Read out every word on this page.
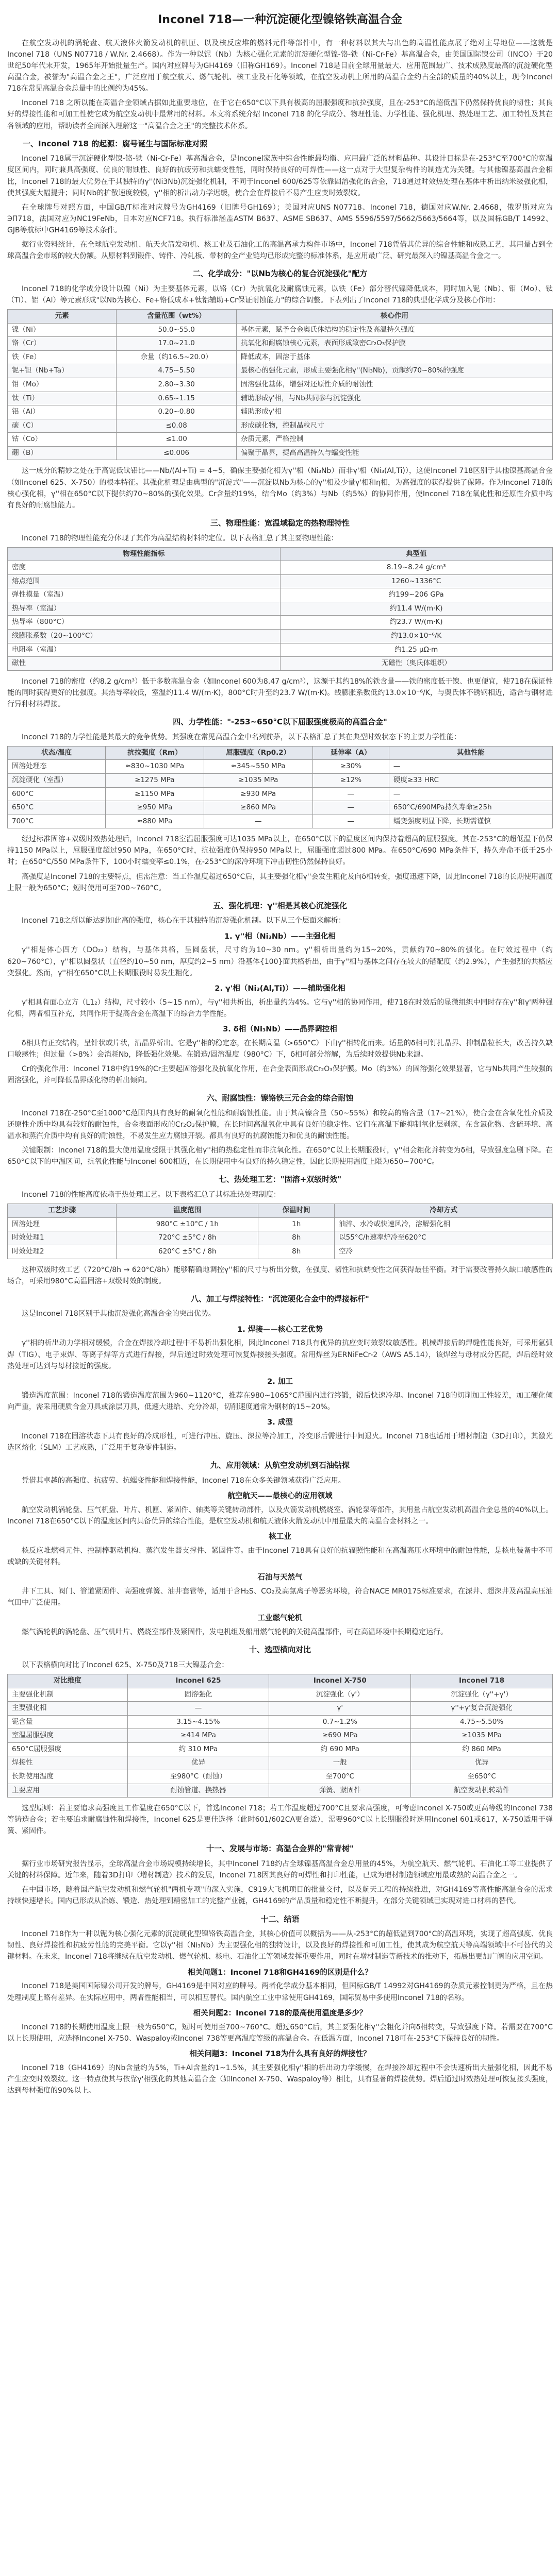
Inconel 718—一种沉淀硬化型镍铬铁高温合金

在航空发动机的涡轮盘、航天液体火箭发动机的机匣、以及核反应堆的燃料元件等部件中，有一种材料以其大与出色的高温性能点展了绝对主导地位——这就是Inconel 718（UNS N07718 / W.Nr. 2.4668）。作为一种以铌（Nb）为核心强化元素的沉淀硬化型镍-铬-铁（Ni-Cr-Fe）基高温合金，由美国国际镍公司（INCO）于20世纪50年代末开发，1965年开始批量生产。国内对应牌号为GH4169（旧称GH169）。Inconel 718是目前全球用量最大、应用范围最广、技术成熟度最高的沉淀硬化型高温合金，被誉为"高温合金之王"，广泛应用于航空航天、燃气轮机、核工业及石化等领域，在航空发动机上所用的高温合金约占全部的质量的40%以上，现今Inconel 718在常见高温合金总量中的比例约为45%。

Inconel 718 之所以能在高温合金领域占据如此重要地位，在于它在650°C以下具有极高的屈服强度和抗拉强度，且在-253°C的超低温下仍然保持优良的韧性；其良好的焊接性能和可加工性使它成为航空发动机中最常用的材料。本文将系统介绍 Inconel 718 的化学成分、物理性能、力学性能、强化机理、热处理工艺、加工特性及其在各领域的应用，帮助读者全面深入理解这一"高温合金之王"的完整技术体系。

一、Inconel 718 的起源：腐号诞生与国际标准对照

Inconel 718属于沉淀硬化型镍-铬-铁（Ni-Cr-Fe）基高温合金，是Inconel家族中综合性能最均衡、应用最广泛的材料品种。其设计目标是在-253°C至700°C的宽温度区间内，同时兼具高强度、优良的耐蚀性、良好的抗疲劳和抗蠕变性能，同时保持良好的可焊性——这一点对于大型复杂构件的制造尤为关键。与其他镍基高温合金相比，Inconel 718的最大优势在于其独特的γ''(Ni3Nb)沉淀强化机制，不同于Inconel 600/625等依靠固溶强化的合金，718通过时效热处理在基体中析出纳米级强化相，使其强度大幅提升；同时Nb的扩散速度较慢，γ''相的析出动力学迟缓，使合金在焊接后不易产生应变时效裂纹。

在全球牌号对照方面，中国GB/T标准对应牌号为GH4169（旧牌号GH169）；美国对应UNS N07718、Inconel 718，德国对应W.Nr. 2.4668，俄罗斯对应为ЭП718，法国对应为NC19FeNb，日本对应NCF718。执行标准涵盖ASTM B637、ASME SB637、AMS 5596/5597/5662/5663/5664等，以及国标GB/T 14992、GJB等航标中GH4169等技术条件。

据行业资料统计，在全球航空发动机、航天火箭发动机、核工业及石油化工的高温高承力构件市场中，Inconel 718凭借其优异的综合性能和成熟工艺，其用量占到全球高温合金市场的较大份额。从原材料到锻件、铸件、冷轧板、带材的全产业链均已形成完整的标准体系，是应用最广泛、研究最深入的镍基高温合金之一。

二、化学成分："以Nb为核心的复合沉淀强化"配方

Inconel 718的化学成分设计以镍（Ni）为主要基体元素，以铬（Cr）为抗氧化及耐腐蚀元素，以铁（Fe）部分替代镍降低成本，同时加入铌（Nb）、钼（Mo）、钛（Ti）、铝（Al）等元素形成"以Nb为核心、Fe+铬低成本+钛铝辅助+Cr保证耐蚀能力"的综合调整。下表列出了Inconel 718的典型化学成分及核心作用：

元素	含量范围（wt%）	核心作用
镍（Ni）	50.0~55.0	基体元素，赋予合金奥氏体结构的稳定性及高温持久强度
铬（Cr）	17.0~21.0	抗氧化和耐腐蚀核心元素，表面形成致密Cr₂O₃保护膜
铁（Fe）	余量（约16.5~20.0）	降低成本，固溶于基体
铌+钽（Nb+Ta）	4.75~5.50	最核心的强化元素，形成主要强化相γ''(Ni₃Nb)，贡献约70~80%的强度
钼（Mo）	2.80~3.30	固溶强化基体，增强对还原性介质的耐蚀性
钛（Ti）	0.65~1.15	辅助形成γ'相，与Nb共同参与沉淀强化
铝（Al）	0.20~0.80	辅助形成γ'相
碳（C）	≤0.08	形成碳化物，控制晶粒尺寸
钴（Co）	≤1.00	杂质元素，严格控制
硼（B）	≤0.006	偏聚于晶界，提高高温持久与蠕变性能

这一成分的精妙之处在于高铌低钛铝比——Nb/(Al+Ti) = 4~5，确保主要强化相为γ''相（Ni₃Nb）而非γ'相（Ni₃(Al,Ti)），这使Inconel 718区别于其他镍基高温合金（如Inconel 625、X-750）的根本特征。其强化机理是由典型的"沉淀式"——沉淀以Nb为核心的γ''相及少量γ'相和η相，为高强度的获得提供了保障。作为Inconel 718的核心强化相，γ''相在650°C以下提供约70~80%的强化效果。Cr含量约19%，结合Mo（约3%）与Nb（约5%）的协同作用，使Inconel 718在氧化性和还原性介质中均有良好的耐腐蚀能力。

三、物理性能：宽温域稳定的热物理特性

Inconel 718的物理性能充分体现了其作为高温结构材料的定位。以下表格汇总了其主要物理性能：

物理性能指标	典型值
密度	8.19~8.24 g/cm³
熔点范围	1260~1336°C
弹性模量（室温）	约199~206 GPa
热导率（室温）	约11.4 W/(m·K)
热导率（800°C）	约23.7 W/(m·K)
线膨胀系数（20~100°C）	约13.0×10⁻⁶/K
电阻率（室温）	约1.25 μΩ·m
磁性	无磁性（奥氏体组织）

Inconel 718的密度（约8.2 g/cm³）低于多数高温合金（如Inconel 600为8.47 g/cm³），这源于其约18%的铁含量——铁的密度低于镍、也更便宜，使718在保证性能的同时获得更好的比强度。其热导率较低，室温约11.4 W/(m·K)，800°C时升至约23.7 W/(m·K)。线膨胀系数低约13.0×10⁻⁶/K，与奥氏体不锈钢相近，适合与钢材进行异种材料焊接。

四、力学性能："-253~650°C以下屈服强度极高的高温合金"

Inconel 718的力学性能是其最大的竞争优势。其强度在常见高温合金中名列前茅，以下表格汇总了其在典型时效状态下的主要力学性能：

状态/温度	抗拉强度（Rm）	屈服强度（Rp0.2）	延伸率（A）	其他性能
固溶处理态	≈830~1030 MPa	≈345~550 MPa	≥30%	—
沉淀硬化（室温）	≥1275 MPa	≥1035 MPa	≥12%	硬度≥33 HRC
600°C	≥1150 MPa	≥930 MPa	—	—
650°C	≥950 MPa	≥860 MPa	—	650°C/690MPa持久寿命≥25h
700°C	≈880 MPa	—	—	蠕变强度明显下降，长期需谨慎

经过标准固溶+双级时效热处理后，Inconel 718室温屈服强度可达1035 MPa以上，在650°C以下的温度区间内保持着超高的屈服强度。其在-253°C的超低温下仍保持1150 MPa以上，屈服强度超过950 MPa，在650°C时，抗拉强度仍保持950 MPa以上，屈服强度超过800 MPa。在650°C/690 MPa条件下，持久寿命不低于25小时；在650°C/550 MPa条件下，100小时蠕变率≤0.1%，在-253°C的深冷环境下冲击韧性仍然保持良好。

高强度是Inconel 718的主要特点，但需注意：当工作温度超过650°C后，其主要强化相γ''会发生粗化及向δ相转变，强度迅速下降，因此Inconel 718的长期使用温度上限一般为650°C；短时使用可至700~760°C。

五、强化机理：γ''相是其核心沉淀强化

Inconel 718之所以能达到如此高的强度，核心在于其独特的沉淀强化机制。以下从三个层面来解析：

1. γ''相（Ni₃Nb）——主强化相

γ''相是体心四方（DO₂₂）结构，与基体共格，呈圆盘状，尺寸约为10~30 nm。γ''相析出量约为15~20%，贡献约70~80%的强化。在时效过程中（约620~760°C），γ''相以圆盘状（直径约10~50 nm，厚度约2~5 nm）沿基体{100}面共格析出，由于γ''相与基体之间存在较大的错配度（约2.9%），产生强烈的共格应变强化。然而，γ''相在650°C以上长期服役时易发生粗化。

2. γ'相（Ni₃(Al,Ti)）——辅助强化相

γ'相具有面心立方（L1₂）结构，尺寸较小（5~15 nm），与γ''相共析出，析出量约为4%。它与γ''相的协同作用，使718在时效后的显微组织中同时存在γ''和γ'两种强化相，两者相互补充，共同作用于提高合金在高温下的综合力学性能。

3. δ相（Ni₃Nb）——晶界调控相

δ相具有正交结构，呈针状或片状，沿晶界析出。它是γ''相的稳定态，在长期高温（>650°C）下由γ''相转化而来。适量的δ相可钉扎晶界、抑制晶粒长大，改善持久缺口敏感性；但过量（>8%）会消耗Nb，降低强化效果。在锻造/固溶温度（980°C）下，δ相可部分溶解，为后续时效提供Nb来源。

Cr的强化作用：Inconel 718中约19%的Cr主要起固溶强化及抗氧化作用，在合金表面形成Cr₂O₃保护膜。Mo（约3%）的固溶强化效果显著，它与Nb共同产生较强的固溶强化，并可降低晶界碳化物的析出倾向。

六、耐腐蚀性：镍铬铁三元合金的综合耐蚀

Inconel 718在-250°C至1000°C范围内具有良好的耐氧化性能和耐腐蚀性能。由于其高镍含量（50~55%）和较高的铬含量（17~21%），使合金在含氧化性介质及还原性介质中均具有较好的耐蚀性，合金表面形成的Cr₂O₃保护膜，在长时间高温氧化中具有良好的稳定性。它们在高温下能抑制氧化层剥落，在含氯化物、含硫环境、高温水和蒸汽介质中均有良好的耐蚀性，不易发生应力腐蚀开裂。都具有良好的抗腐蚀能力和优良的耐蚀性能。

关键限制：Inconel 718的最大使用温度受限于其强化相γ''相的热稳定性而非抗氧化性。在650°C以上长期服役时，γ''相会粗化并转变为δ相，导致强度急剧下降。在650°C以下的中温区间，抗氧化性能与Inconel 600相近，在长期使用中有良好的持久稳定性，因此长期使用温度上限为650~700°C。

七、热处理工艺："固溶+双级时效"

Inconel 718的性能高度依赖于热处理工艺。以下表格汇总了其标准热处理制度：

工艺步骤	温度范围	保温时间	冷却方式
固溶处理	980°C ±10°C / 1h	1h	油淬、水冷或快速风冷，溶解强化相
时效处理1	720°C ±5°C / 8h	8h	以55°C/h速率炉冷至620°C
时效处理2	620°C ±5°C / 8h	8h	空冷

这种双级时效工艺（720°C/8h → 620°C/8h）能够精确地调控γ''相的尺寸与析出分数，在强度、韧性和抗蠕变性之间获得最佳平衡。对于需要改善持久缺口敏感性的场合，可采用980°C高温固溶+双级时效的制度。

八、加工与焊接特性："沉淀硬化合金中的焊接标杆"

这是Inconel 718区别于其他沉淀强化高温合金的突出优势。

1. 焊接——核心工艺优势

γ''相的析出动力学相对缓慢，合金在焊接冷却过程中不易析出强化相，因此Inconel 718具有优异的抗应变时效裂纹敏感性。机械焊接后的焊缝性能良好，可采用氩弧焊（TIG）、电子束焊、等离子焊等方式进行焊接，焊后通过时效处理可恢复焊接接头强度。常用焊丝为ERNiFeCr-2（AWS A5.14），该焊丝与母材成分匹配，焊后经时效热处理可达到与母材接近的强度。

2. 加工

锻造温度范围：Inconel 718的锻造温度范围为960~1120°C，推荐在980~1065°C范围内进行终锻，锻后快速冷却。Inconel 718的切削加工性较差，加工硬化倾向严重，需采用硬质合金刀具或涂层刀具，低速大进给、充分冷却，切削速度通常为钢材的15~20%。

3. 成型

Inconel 718在固溶状态下具有良好的冷成形性，可进行冲压、旋压、深拉等冷加工，冷变形后需进行中间退火。Inconel 718也适用于增材制造（3D打印），其激光选区熔化（SLM）工艺成熟，广泛用于复杂零件制造。

九、应用领域：从航空发动机到石油钻探

凭借其卓越的高强度、抗疲劳、抗蠕变性能和焊接性能，Inconel 718在众多关键领域获得广泛应用。

航空航天——最核心的应用领域

航空发动机涡轮盘、压气机盘、叶片、机匣、紧固件、轴类等关键转动部件，以及火箭发动机燃烧室、涡轮泵等部件，其用量占航空发动机高温合金总量的40%以上。Inconel 718在650°C以下的温度区间内具备优异的综合性能，是航空发动机和航天液体火箭发动机中用量最大的高温合金材料之一。

核工业

核反应堆燃料元件、控制棒驱动机构、蒸汽发生器支撑件、紧固件等。由于Inconel 718具有良好的抗辐照性能和在高温高压水环境中的耐蚀性能，是核电装备中不可或缺的关键材料。

石油与天然气

井下工具、阀门、管道紧固件、高强度弹簧、油井套管等，适用于含H₂S、CO₂及高氯离子等恶劣环境，符合NACE MR0175标准要求，在深井、超深井及高温高压油气田中广泛使用。

工业燃气轮机

燃气涡轮机的涡轮盘、压气机叶片、燃烧室部件及紧固件，发电机组及船用燃气轮机的关键高温部件，可在高温环境中长期稳定运行。

十、选型横向对比

以下表格横向对比了Inconel 625、X-750及718三大镍基合金：

对比维度	Inconel 625	Inconel X-750	Inconel 718
主要强化机制	固溶强化	沉淀强化（γ'）	沉淀强化（γ''+γ'）
主要强化相	—	γ'	γ''+γ'复合沉淀强化
铌含量	3.15~4.15%	0.7~1.2%	4.75~5.50%
室温屈服强度	≥414 MPa	≥690 MPa	≥1035 MPa
650°C屈服强度	约 310 MPa	约 690 MPa	约 860 MPa
焊接性	优异	一般	优异
长期使用温度	至980°C（耐蚀）	至700°C	至650°C
主要应用	耐蚀管道、换热器	弹簧、紧固件	航空发动机转动件

选型原则：若主要追求高强度且工作温度在650°C以下，首选Inconel 718；若工作温度超过700°C且要求高强度，可考虑Inconel X-750或更高等级的Inconel 738等铸造合金；若主要追求耐腐蚀性和焊接性，Inconel 625是更佳选择（此时601/602CA更合适），需要960°C以上长期服役时选用Inconel 601或617，X-750适用于弹簧、紧固件。

十一、发展与市场：高温合金界的"常青树"

据行业市场研究报告显示，全球高温合金市场规模持续增长，其中Inconel 718约占全球镍基高温合金总用量的45%，为航空航天、燃气轮机、石油化工等工业提供了关键的材料保障。近年来，随着3D打印（增材制造）技术的发展，Inconel 718因其良好的可焊性和打印性能，已成为增材制造领域应用最成熟的高温合金之一。

在中国市场，随着国产航空发动机和燃气轮机"两机专项"的深入实施，C919大飞机项目的批量交付，以及航天工程的持续推进，对GH4169等高性能高温合金的需求持续快速增长。国内已形成从冶炼、锻造、热处理到精密加工的完整产业链，GH4169的产品质量和稳定性不断提升，在部分关键领域已实现对进口材料的替代。

十二、结语

Inconel 718作为一种以铌为核心强化元素的沉淀硬化型镍铬铁高温合金，其核心价值可以概括为——从-253°C的超低温到700°C的高温环境，实现了超高强度、优良韧性、良好焊接性和抗疲劳性能的完美平衡。它以γ''相（Ni₃Nb）为主要强化相的独特设计，以及良好的焊接性和可加工性，使其成为航空航天等高端领域中不可替代的关键材料。在未来，Inconel 718将继续在航空发动机、燃气轮机、核电、石油化工等领域发挥重要作用，同时在增材制造等新技术的推动下，拓展出更加广阔的应用空间。

相关问题1：Inconel 718和GH4169的区别是什么？

Inconel 718是美国国际镍公司开发的牌号，GH4169是中国对应的牌号。两者化学成分基本相同，但国标GB/T 14992对GH4169的杂质元素控制更为严格，且在热处理制度上略有差异。在实际应用中，两者性能相当，可以相互替代。国内航空工业中常使用GH4169，国际贸易中多使用Inconel 718的名称。

相关问题2：Inconel 718的最高使用温度是多少？

Inconel 718的长期使用温度上限一般为650°C，短时可使用至700~760°C。超过650°C后，其主要强化相γ''会粗化并向δ相转变，导致强度下降。若需要在700°C以上长期使用，应选择Inconel X-750、Waspaloy或Inconel 738等更高温度等级的高温合金。在低温方面，Inconel 718可在-253°C下保持良好的韧性。

相关问题3：Inconel 718为什么具有良好的焊接性？

Inconel 718（GH4169）的Nb含量约为5%，Ti+Al含量约1~1.5%，其主要强化相γ''相的析出动力学缓慢，在焊接冷却过程中不会快速析出大量强化相，因此不易产生应变时效裂纹。这一特点使其与依靠γ'相强化的其他高温合金（如Inconel X-750、Waspaloy等）相比，具有显著的焊接优势。焊后通过时效热处理可恢复接头强度，达到母材强度的90%以上。
